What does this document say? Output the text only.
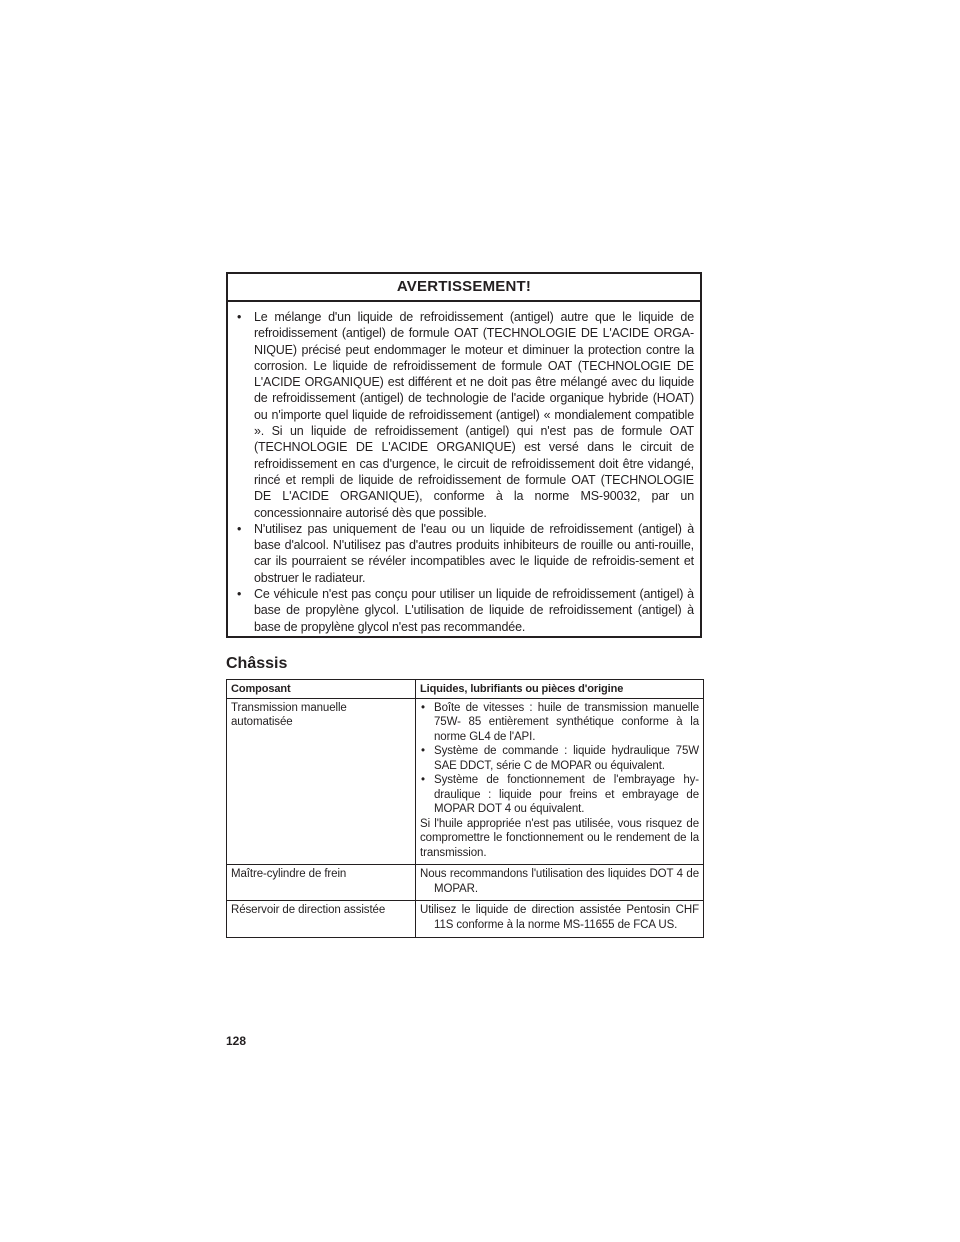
AVERTISSEMENT!
• Le mélange d'un liquide de refroidissement (antigel) autre que le liquide de refroidissement (antigel) de formule OAT (TECHNOLOGIE DE L'ACIDE ORGA-NIQUE) précisé peut endommager le moteur et diminuer la protection contre la corrosion. Le liquide de refroidissement de formule OAT (TECHNOLOGIE DE L'ACIDE ORGANIQUE) est différent et ne doit pas être mélangé avec du liquide de refroidissement (antigel) de technologie de l'acide organique hybride (HOAT) ou n'importe quel liquide de refroidissement (antigel) « mondialement compatible ». Si un liquide de refroidissement (antigel) qui n'est pas de formule OAT (TECHNOLOGIE DE L'ACIDE ORGANIQUE) est versé dans le circuit de refroidissement en cas d'urgence, le circuit de refroidissement doit être vidangé, rincé et rempli de liquide de refroidissement de formule OAT (TECHNOLOGIE DE L'ACIDE ORGANIQUE), conforme à la norme MS-90032, par un concessionnaire autorisé dès que possible.
• N'utilisez pas uniquement de l'eau ou un liquide de refroidissement (antigel) à base d'alcool. N'utilisez pas d'autres produits inhibiteurs de rouille ou anti-rouille, car ils pourraient se révéler incompatibles avec le liquide de refroidis-sement et obstruer le radiateur.
• Ce véhicule n'est pas conçu pour utiliser un liquide de refroidissement (antigel) à base de propylène glycol. L'utilisation de liquide de refroidissement (antigel) à base de propylène glycol n'est pas recommandée.
Châssis
Composant	Liquides, lubrifiants ou pièces d'origine
Transmission manuelle automatisée	• Boîte de vitesses : huile de transmission manuelle 75W- 85 entièrement synthétique conforme à la norme GL4 de l'API.
• Système de commande : liquide hydraulique 75W SAE DDCT, série C de MOPAR ou équivalent.
• Système de fonctionnement de l'embrayage hy-draulique : liquide pour freins et embrayage de MOPAR DOT 4 ou équivalent.
Si l'huile appropriée n'est pas utilisée, vous risquez de compromettre le fonctionnement ou le rendement de la transmission.

Maître-cylindre de frein	Nous recommandons l'utilisation des liquides DOT 4 de MOPAR.

Réservoir de direction assistée	Utilisez le liquide de direction assistée Pentosin CHF 11S conforme à la norme MS-11655 de FCA US.
128
